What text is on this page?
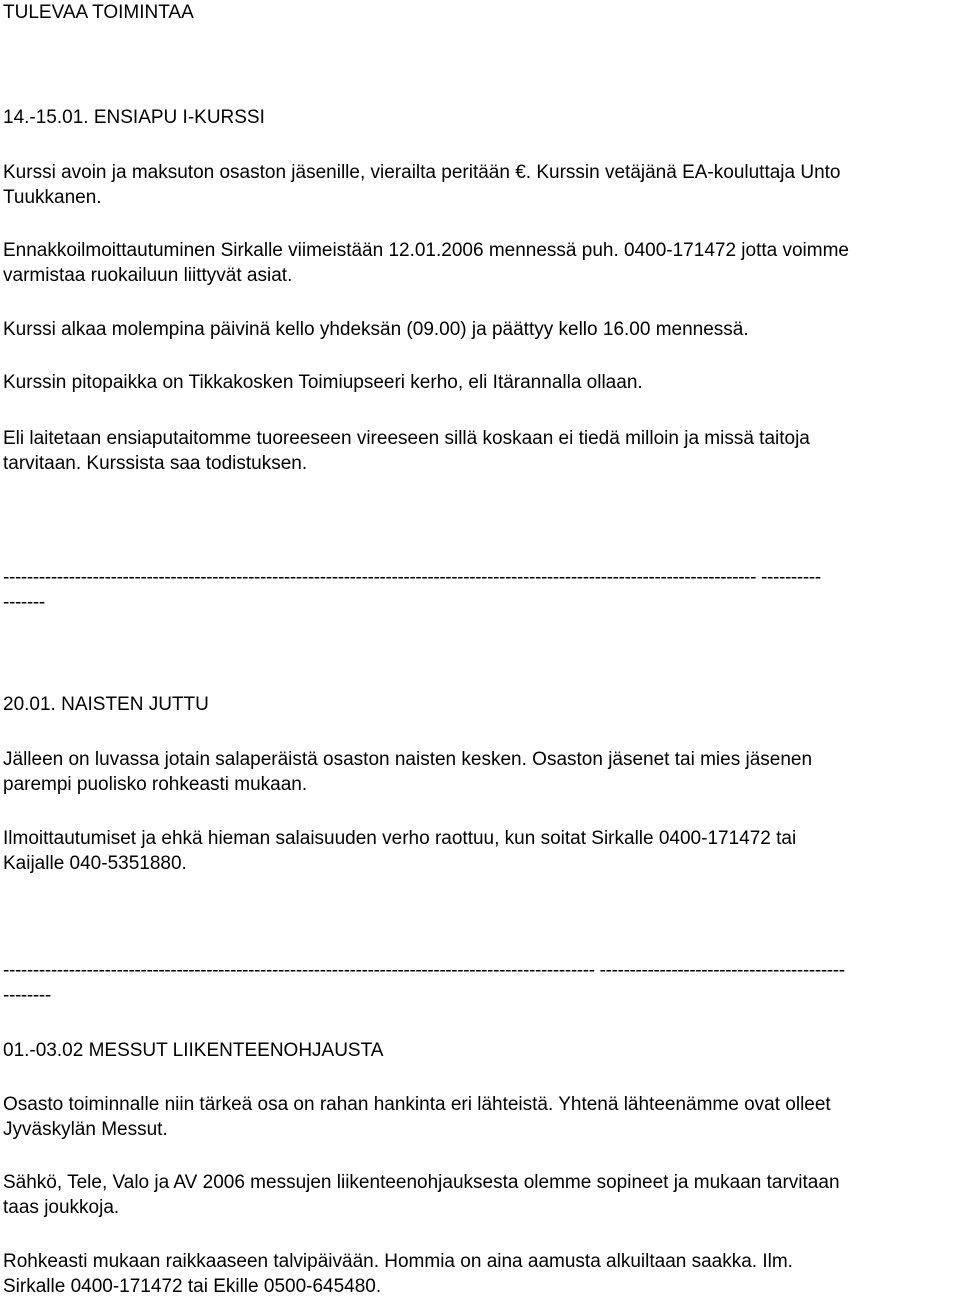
TULEVAA TOIMINTAA
14.-15.01. ENSIAPU I-KURSSI
Kurssi avoin ja maksuton osaston jäsenille, vierailta peritään €. Kurssin vetäjänä EA-kouluttaja Unto
Tuukkanen.
Ennakkoilmoittautuminen Sirkalle viimeistään 12.01.2006 mennessä puh. 0400-171472 jotta voimme
varmistaa ruokailuun liittyvät asiat.
Kurssi alkaa molempina päivinä kello yhdeksän (09.00) ja päättyy kello 16.00 mennessä.
Kurssin pitopaikka on Tikkakosken Toimiupseeri kerho, eli Itärannalla ollaan.
Eli laitetaan ensiaputaitomme tuoreeseen vireeseen sillä koskaan ei tiedä milloin ja missä taitoja
tarvitaan. Kurssista saa todistuksen.
------------------------------------------------------------------------------------------------------------------------------ ----------
-------
20.01. NAISTEN JUTTU
Jälleen on luvassa jotain salaperäistä osaston naisten kesken. Osaston jäsenet tai mies jäsenen
parempi puolisko rohkeasti mukaan.
Ilmoittautumiset ja ehkä hieman salaisuuden verho raottuu, kun soitat Sirkalle 0400-171472 tai
Kaijalle 040-5351880.
--------------------------------------------------------------------------------------------------- -----------------------------------------
--------
01.-03.02 MESSUT LIIKENTEENOHJAUSTA
Osasto toiminnalle niin tärkeä osa on rahan hankinta eri lähteistä. Yhtenä lähteenämme ovat olleet
Jyväskylän Messut.
Sähkö, Tele, Valo ja AV 2006 messujen liikenteenohjauksesta olemme sopineet ja mukaan tarvitaan
taas joukkoja.
Rohkeasti mukaan raikkaaseen talvipäivään. Hommia on aina aamusta alkuiltaan saakka. Ilm.
Sirkalle 0400-171472 tai Ekille 0500-645480.
